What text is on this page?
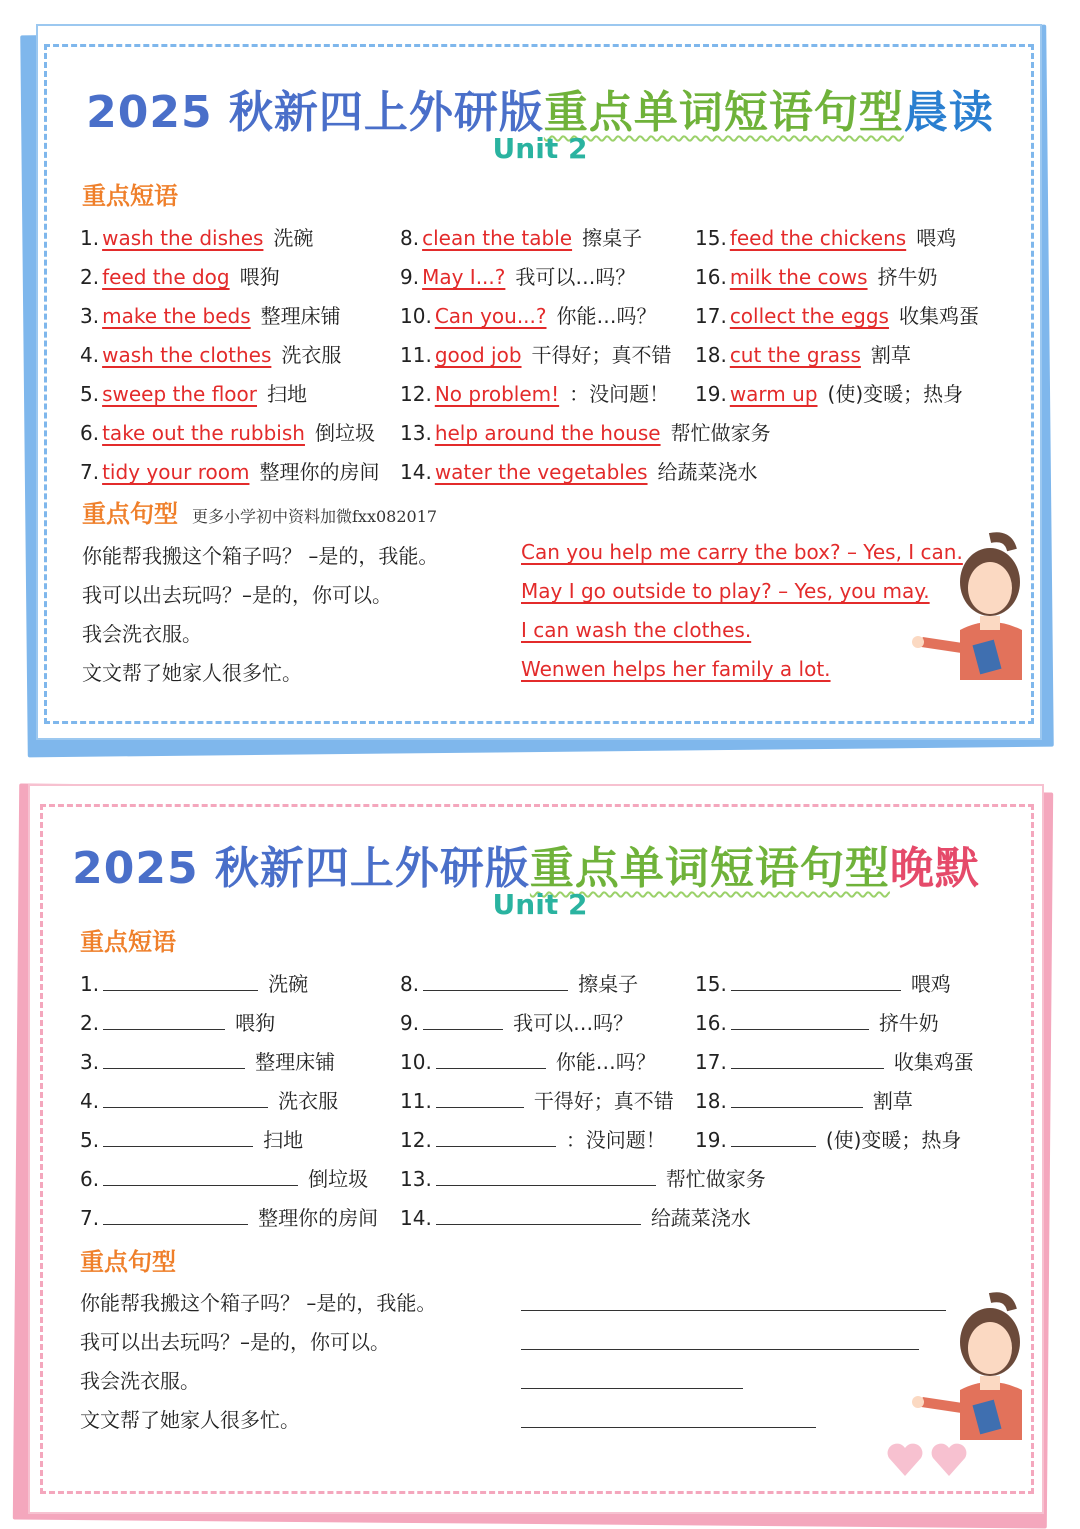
2025 秋新四上外研版重点单词短语句型晨读
Unit 2
重点短语
1. wash the dishes 洗碗
2. feed the dog 喂狗
3. make the beds 整理床铺
4. wash the clothes 洗衣服
5. sweep the floor 扫地
6. take out the rubbish 倒垃圾
7. tidy your room 整理你的房间
8. clean the table 擦桌子
9. May I...? 我可以…吗？
10. Can you...? 你能…吗？
11. good job 干得好；真不错
12. No problem! ：没问题！
13. help around the house 帮忙做家务
14. water the vegetables 给蔬菜浇水
15. feed the chickens 喂鸡
16. milk the cows 挤牛奶
17. collect the eggs 收集鸡蛋
18. cut the grass 割草
19. warm up (使)变暖；热身
重点句型 更多小学初中资料加微fxx082017
你能帮我搬这个箱子吗？ –是的，我能。	Can you help me carry the box? – Yes, I can.
我可以出去玩吗？–是的，你可以。	May I go outside to play? – Yes, you may.
我会洗衣服。	I can wash the clothes.
文文帮了她家人很多忙。	Wenwen helps her family a lot.
2025 秋新四上外研版重点单词短语句型晚默
Unit 2
重点短语
1.	洗碗
2.	喂狗
3.	整理床铺
4.	洗衣服
5.	扫地
6.	倒垃圾
7.	整理你的房间
8.	擦桌子
9.	我可以…吗？
10.	你能…吗？
11.	干得好；真不错
12.	：没问题！
13.	帮忙做家务
14.	给蔬菜浇水
15.	喂鸡
16.	挤牛奶
17.	收集鸡蛋
18.	割草
19.	(使)变暖；热身
重点句型
你能帮我搬这个箱子吗？ –是的，我能。
我可以出去玩吗？–是的，你可以。
我会洗衣服。
文文帮了她家人很多忙。
